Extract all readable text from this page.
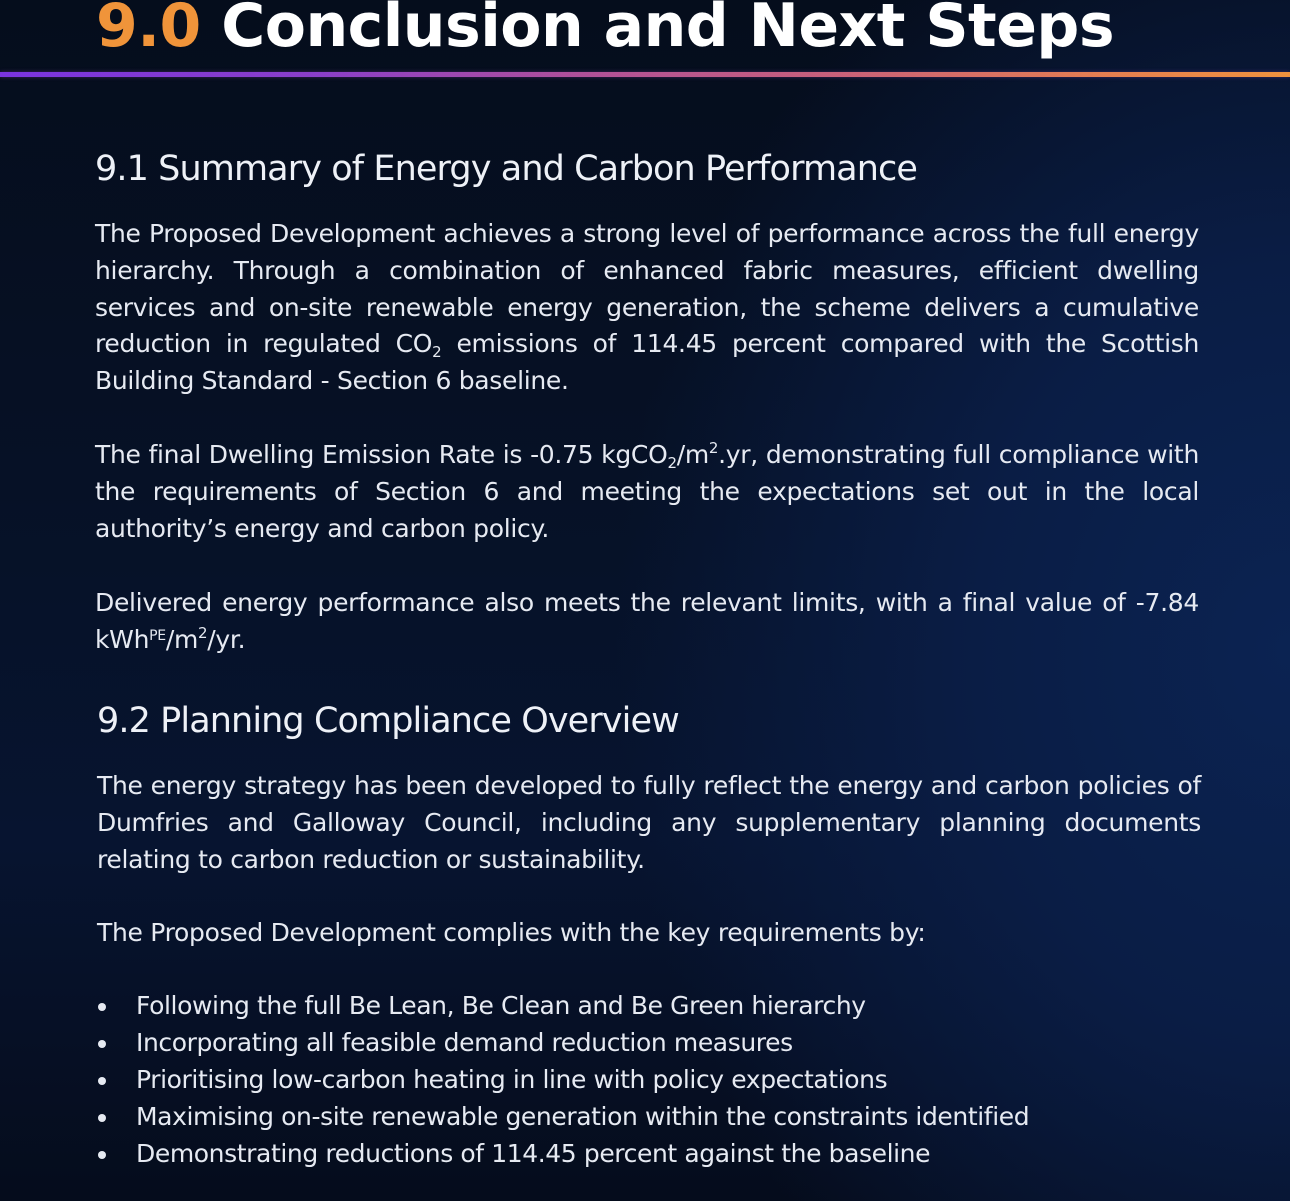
9.0 Conclusion and Next Steps
9.1 Summary of Energy and Carbon Performance

The Proposed Development achieves a strong level of performance across the full energy hierarchy. Through a combination of enhanced fabric measures, efficient dwelling services and on-site renewable energy generation, the scheme delivers a cumulative reduction in regulated $CO_2$ emissions of 114.45 percent compared with the Scottish Building Standard - Section 6 baseline.

The final Dwelling Emission Rate is -0.75 $kgCO_2/m^2.yr$, demonstrating full compliance with the requirements of Section 6 and meeting the expectations set out in the local authority’s energy and carbon policy.

Delivered energy performance also meets the relevant limits, with a final value of -7.84 $kWh^{PE}/m^2/yr$.

9.2 Planning Compliance Overview

The energy strategy has been developed to fully reflect the energy and carbon policies of Dumfries and Galloway Council, including any supplementary planning documents relating to carbon reduction or sustainability.

The Proposed Development complies with the key requirements by:

Following the full Be Lean, Be Clean and Be Green hierarchy
Incorporating all feasible demand reduction measures
Prioritising low-carbon heating in line with policy expectations
Maximising on-site renewable generation within the constraints identified
Demonstrating reductions of 114.45 percent against the baseline
